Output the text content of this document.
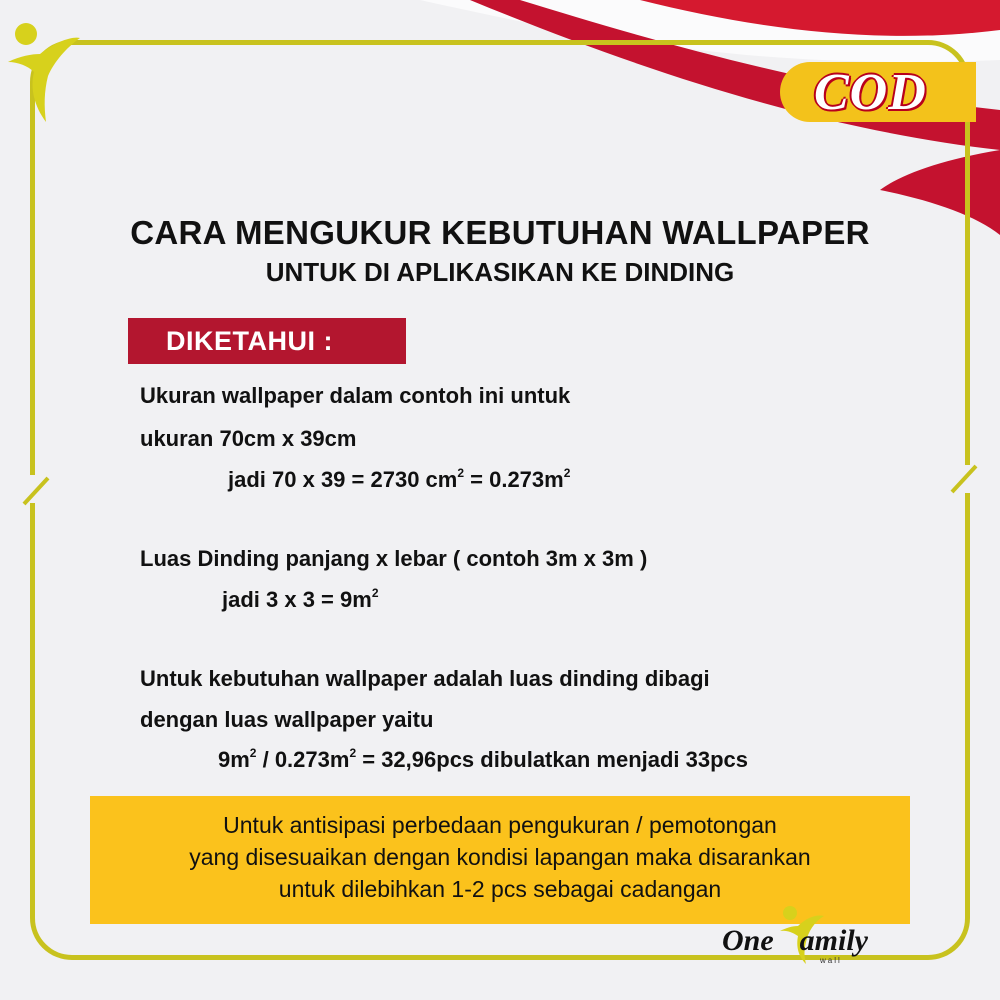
COD
CARA MENGUKUR KEBUTUHAN WALLPAPER
UNTUK DI APLIKASIKAN KE DINDING
DIKETAHUI :
Ukuran wallpaper dalam contoh ini untuk
ukuran 70cm x 39cm
jadi 70 x 39 = 2730 $cm^2 = 0.273m^2$
Luas Dinding panjang x lebar ( contoh 3m x 3m )
jadi 3 x $3 = 9m^2$
Untuk kebutuhan wallpaper adalah luas dinding dibagi
dengan luas wallpaper yaitu
$9m^2 / 0.273m^2 = 32,96pcs$ dibulatkan menjadi 33pcs
Untuk antisipasi perbedaan pengukuran / pemotongan
yang disesuaikan dengan kondisi lapangan maka disarankan
untuk dilebihkan 1-2 pcs sebagai cadangan
One amily
wall
